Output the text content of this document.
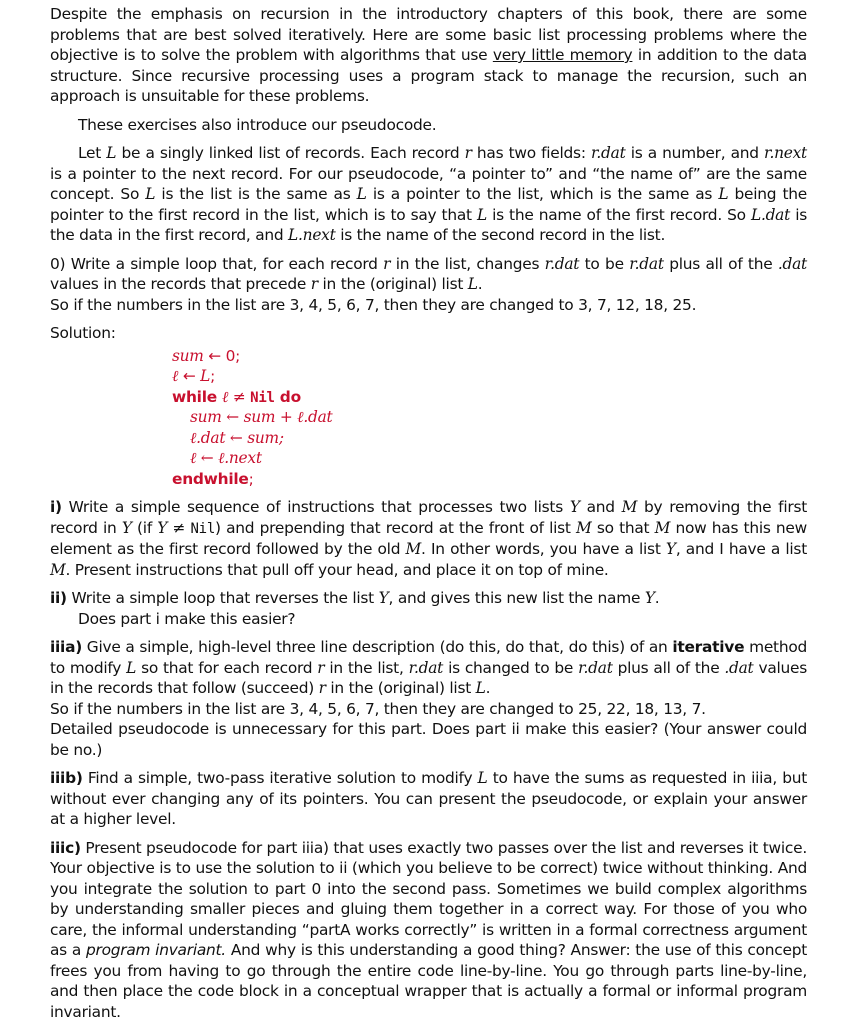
Despite the emphasis on recursion in the introductory chapters of this book, there are some problems that are best solved iteratively. Here are some basic list processing problems where the objective is to solve the problem with algorithms that use very little memory in addition to the data structure. Since recursive processing uses a program stack to manage the recursion, such an approach is unsuitable for these problems.

These exercises also introduce our pseudocode.

Let L be a singly linked list of records. Each record r has two fields: r.dat is a number, and r.next is a pointer to the next record. For our pseudocode, “a pointer to” and “the name of” are the same concept. So L is the list is the same as L is a pointer to the list, which is the same as L being the pointer to the first record in the list, which is to say that L is the name of the first record. So L.dat is the data in the first record, and L.next is the name of the second record in the list.

0) Write a simple loop that, for each record r in the list, changes r.dat to be r.dat plus all of the .dat values in the records that precede r in the (original) list L.

So if the numbers in the list are 3, 4, 5, 6, 7, then they are changed to 3, 7, 12, 18, 25.

Solution:

sum ← 0;
ℓ ← L;
while ℓ ≠ Nil do
sum ← sum + ℓ.dat
ℓ.dat ← sum;
ℓ ← ℓ.next
endwhile;

i) Write a simple sequence of instructions that processes two lists Y and M by removing the first record in Y (if Y ≠ Nil) and prepending that record at the front of list M so that M now has this new element as the first record followed by the old M. In other words, you have a list Y, and I have a list M. Present instructions that pull off your head, and place it on top of mine.

ii) Write a simple loop that reverses the list Y, and gives this new list the name Y.

Does part i make this easier?

iiia) Give a simple, high-level three line description (do this, do that, do this) of an iterative method to modify L so that for each record r in the list, r.dat is changed to be r.dat plus all of the .dat values in the records that follow (succeed) r in the (original) list L.

So if the numbers in the list are 3, 4, 5, 6, 7, then they are changed to 25, 22, 18, 13, 7.

Detailed pseudocode is unnecessary for this part. Does part ii make this easier? (Your answer could be no.)

iiib) Find a simple, two-pass iterative solution to modify L to have the sums as requested in iiia, but without ever changing any of its pointers. You can present the pseudocode, or explain your answer at a higher level.

iiic) Present pseudocode for part iiia) that uses exactly two passes over the list and reverses it twice. Your objective is to use the solution to ii (which you believe to be correct) twice without thinking. And you integrate the solution to part 0 into the second pass. Sometimes we build complex algorithms by understanding smaller pieces and gluing them together in a correct way. For those of you who care, the informal understanding “partA works correctly” is written in a formal correctness argument as a program invariant. And why is this understanding a good thing? Answer: the use of this concept frees you from having to go through the entire code line-by-line. You go through parts line-by-line, and then place the code block in a conceptual wrapper that is actually a formal or informal program invariant.
